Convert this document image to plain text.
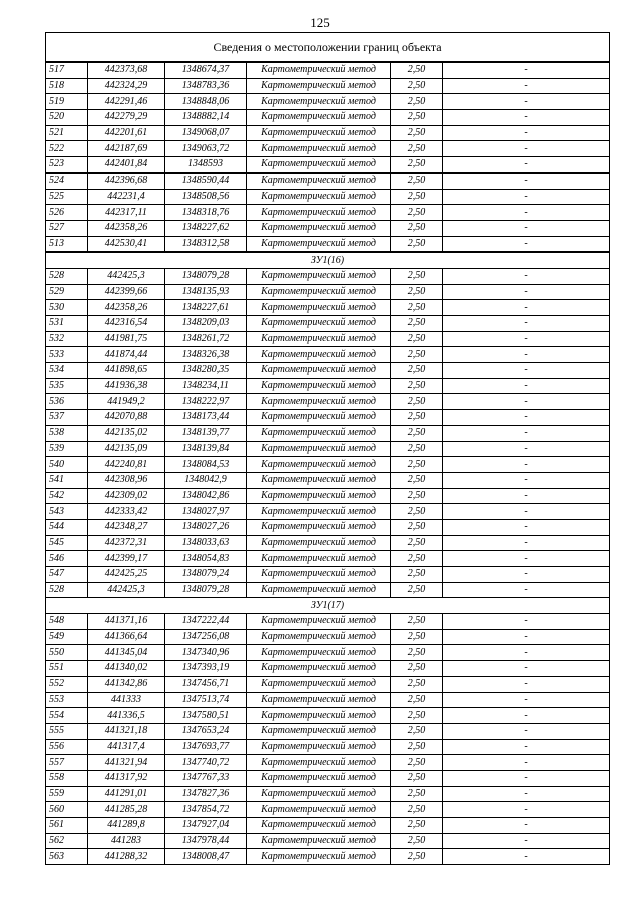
125
Сведения о местоположении границ объекта					
517	442373,68	1348674,37	Картометрический метод	2,50	-
518	442324,29	1348783,36	Картометрический метод	2,50	-
519	442291,46	1348848,06	Картометрический метод	2,50	-
520	442279,29	1348882,14	Картометрический метод	2,50	-
521	442201,61	1349068,07	Картометрический метод	2,50	-
522	442187,69	1349063,72	Картометрический метод	2,50	-
523	442401,84	1348593	Картометрический метод	2,50	-
524	442396,68	1348590,44	Картометрический метод	2,50	-
525	442231,4	1348508,56	Картометрический метод	2,50	-
526	442317,11	1348318,76	Картометрический метод	2,50	-
527	442358,26	1348227,62	Картометрический метод	2,50	-
513	442530,41	1348312,58	Картометрический метод	2,50	-
ЗУ1(16)					
528	442425,3	1348079,28	Картометрический метод	2,50	-
529	442399,66	1348135,93	Картометрический метод	2,50	-
530	442358,26	1348227,61	Картометрический метод	2,50	-
531	442316,54	1348209,03	Картометрический метод	2,50	-
532	441981,75	1348261,72	Картометрический метод	2,50	-
533	441874,44	1348326,38	Картометрический метод	2,50	-
534	441898,65	1348280,35	Картометрический метод	2,50	-
535	441936,38	1348234,11	Картометрический метод	2,50	-
536	441949,2	1348222,97	Картометрический метод	2,50	-
537	442070,88	1348173,44	Картометрический метод	2,50	-
538	442135,02	1348139,77	Картометрический метод	2,50	-
539	442135,09	1348139,84	Картометрический метод	2,50	-
540	442240,81	1348084,53	Картометрический метод	2,50	-
541	442308,96	1348042,9	Картометрический метод	2,50	-
542	442309,02	1348042,86	Картометрический метод	2,50	-
543	442333,42	1348027,97	Картометрический метод	2,50	-
544	442348,27	1348027,26	Картометрический метод	2,50	-
545	442372,31	1348033,63	Картометрический метод	2,50	-
546	442399,17	1348054,83	Картометрический метод	2,50	-
547	442425,25	1348079,24	Картометрический метод	2,50	-
528	442425,3	1348079,28	Картометрический метод	2,50	-
ЗУ1(17)					
548	441371,16	1347222,44	Картометрический метод	2,50	-
549	441366,64	1347256,08	Картометрический метод	2,50	-
550	441345,04	1347340,96	Картометрический метод	2,50	-
551	441340,02	1347393,19	Картометрический метод	2,50	-
552	441342,86	1347456,71	Картометрический метод	2,50	-
553	441333	1347513,74	Картометрический метод	2,50	-
554	441336,5	1347580,51	Картометрический метод	2,50	-
555	441321,18	1347653,24	Картометрический метод	2,50	-
556	441317,4	1347693,77	Картометрический метод	2,50	-
557	441321,94	1347740,72	Картометрический метод	2,50	-
558	441317,92	1347767,33	Картометрический метод	2,50	-
559	441291,01	1347827,36	Картометрический метод	2,50	-
560	441285,28	1347854,72	Картометрический метод	2,50	-
561	441289,8	1347927,04	Картометрический метод	2,50	-
562	441283	1347978,44	Картометрический метод	2,50	-
563	441288,32	1348008,47	Картометрический метод	2,50	-
